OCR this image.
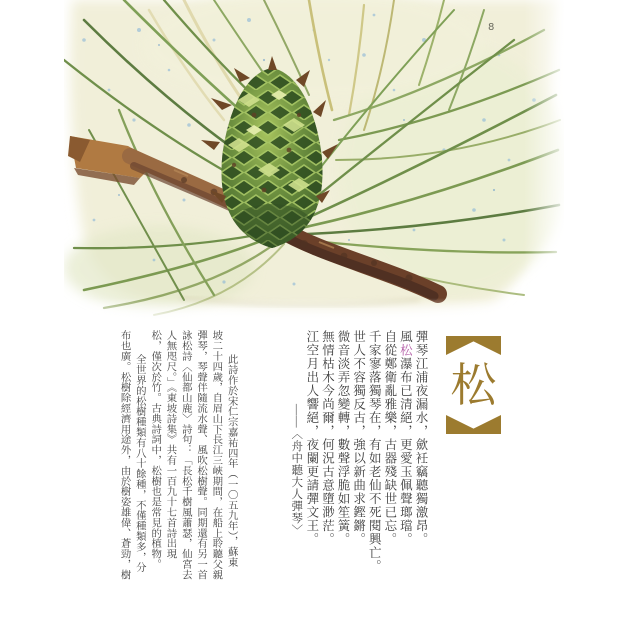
8
松

彈琴江浦夜漏水，歛衽竊聽獨激昂。

風松瀑布已清絕，更愛玉佩聲瑯璫。

自從鄭衛亂雅樂，古器殘缺世已忘。

千家寥落獨琴在，有如老仙不死閱興亡。

世人不容獨反古，強以新曲求鏗鏘。

微音淡弄忽變轉，數聲浮脆如笙簧。

無情枯木今尚爾，何況古意墮渺茫。

江空月出人響絕，夜闌更請彈文王。

——〈舟中聽大人彈琴〉

此詩作於宋仁宗嘉祐四年（一〇五九年），蘇東

坡二十四歲，自眉山下長江三峽期間，在船上聆聽父親

彈琴，琴聲伴隨流水聲、風吹松樹聲。同期還有另一首

詠松詩〈仙都山鹿〉詩句：「長松千樹風蕭瑟，仙宮去

人無咫尺。」《東坡詩集》共有一百九十七首詩出現

松，僅次於竹。古典詩詞中，松樹也是常見的植物。

全世界的松樹種類有八十餘種，不僅種類多，分

布也廣。松樹除經濟用途外，由於樹姿雄偉、蒼勁，樹
